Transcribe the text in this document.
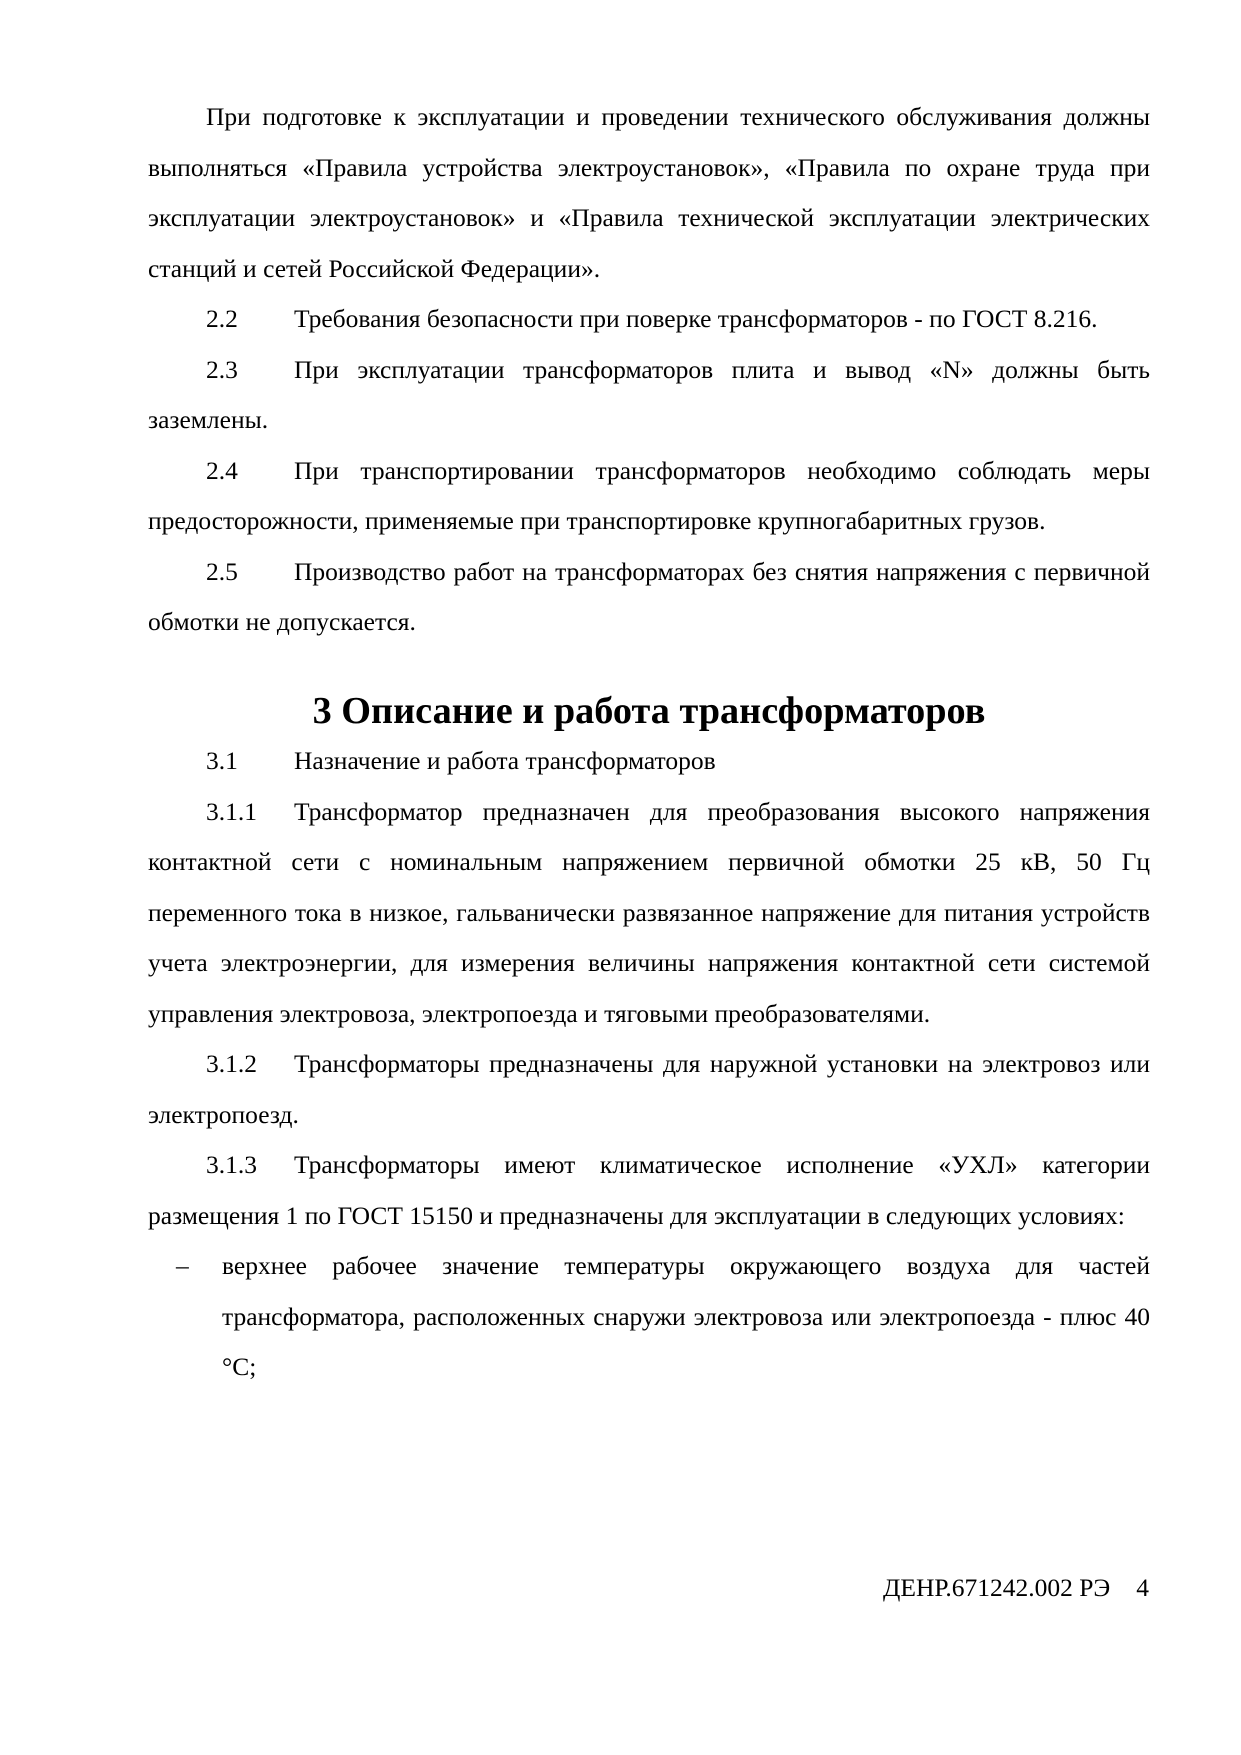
При подготовке к эксплуатации и проведении технического обслуживания должны выполняться «Правила устройства электроустановок», «Правила по охране труда при эксплуатации электроустановок» и «Правила технической эксплуатации электрических станций и сетей Российской Федерации».

2.2 Требования безопасности при поверке трансформаторов - по ГОСТ 8.216.

2.3 При эксплуатации трансформаторов плита и вывод «N» должны быть заземлены.

2.4 При транспортировании трансформаторов необходимо соблюдать меры предосторожности, применяемые при транспортировке крупногабаритных грузов.

2.5 Производство работ на трансформаторах без снятия напряжения с первичной обмотки не допускается.

3 Описание и работа трансформаторов

3.1 Назначение и работа трансформаторов

3.1.1 Трансформатор предназначен для преобразования высокого напряжения контактной сети с номинальным напряжением первичной обмотки 25 кВ, 50 Гц переменного тока в низкое, гальванически развязанное напряжение для питания устройств учета электроэнергии, для измерения величины напряжения контактной сети системой управления электровоза, электропоезда и тяговыми преобразователями.

3.1.2 Трансформаторы предназначены для наружной установки на электровоз или электропоезд.

3.1.3 Трансформаторы имеют климатическое исполнение «УХЛ» категории размещения 1 по ГОСТ 15150 и предназначены для эксплуатации в следующих условиях:

– верхнее рабочее значение температуры окружающего воздуха для частей трансформатора, расположенных снаружи электровоза или электропоезда - плюс 40 °С;

ДЕНР.671242.002 РЭ 4
